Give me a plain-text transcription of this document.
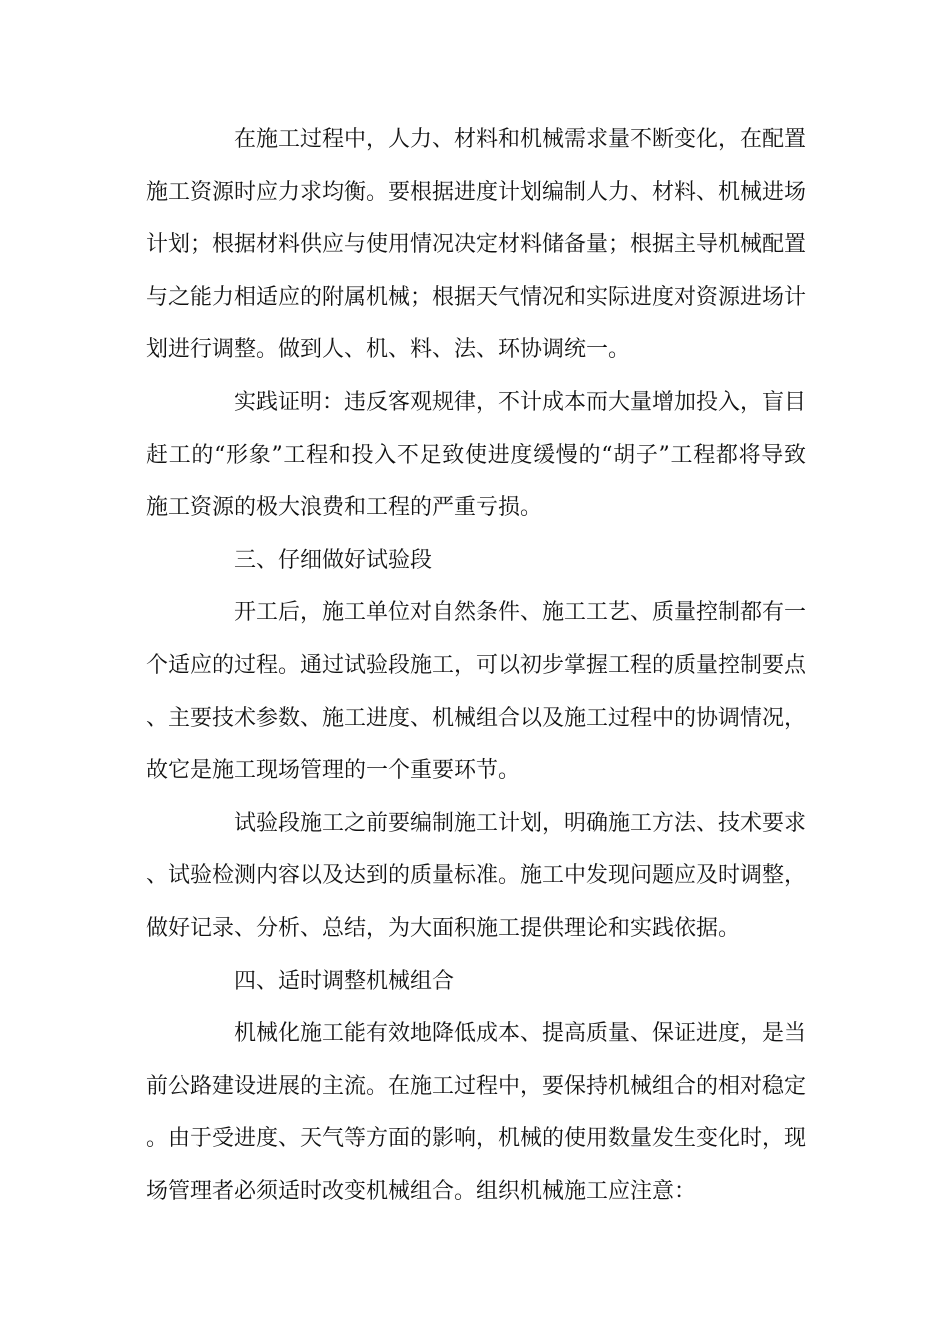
在施工过程中，人力、材料和机械需求量不断变化，在配置施工资源时应力求均衡。要根据进度计划编制人力、材料、机械进场计划；根据材料供应与使用情况决定材料储备量；根据主导机械配置与之能力相适应的附属机械；根据天气情况和实际进度对资源进场计划进行调整。做到人、机、料、法、环协调统一。

实践证明：违反客观规律，不计成本而大量增加投入，盲目赶工的“形象”工程和投入不足致使进度缓慢的“胡子”工程都将导致施工资源的极大浪费和工程的严重亏损。

三、仔细做好试验段

开工后，施工单位对自然条件、施工工艺、质量控制都有一个适应的过程。通过试验段施工，可以初步掌握工程的质量控制要点、主要技术参数、施工进度、机械组合以及施工过程中的协调情况，故它是施工现场管理的一个重要环节。

试验段施工之前要编制施工计划，明确施工方法、技术要求、试验检测内容以及达到的质量标准。施工中发现问题应及时调整，做好记录、分析、总结，为大面积施工提供理论和实践依据。

四、适时调整机械组合

机械化施工能有效地降低成本、提高质量、保证进度，是当前公路建设进展的主流。在施工过程中，要保持机械组合的相对稳定。由于受进度、天气等方面的影响，机械的使用数量发生变化时，现场管理者必须适时改变机械组合。组织机械施工应注意：
